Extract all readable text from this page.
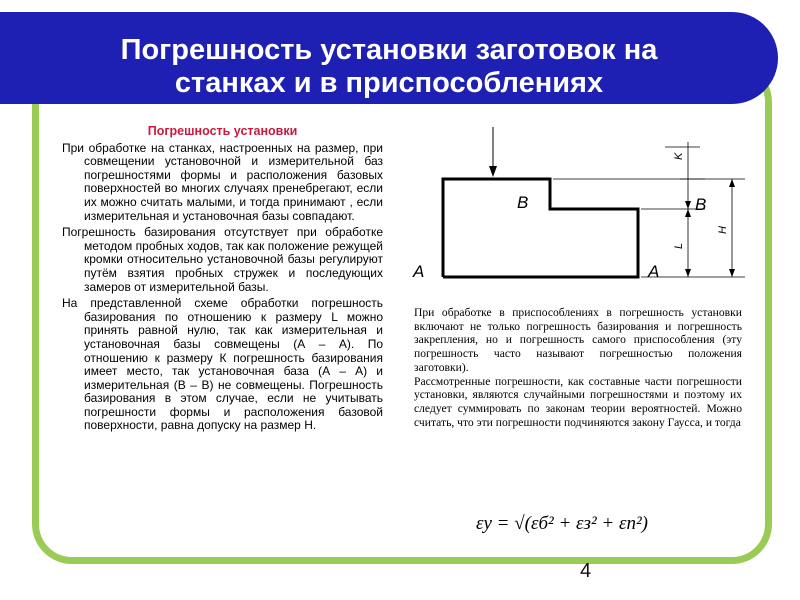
Погрешность установки заготовок на
станках и в приспособлениях
Погрешность установки

При обработке на станках, настроенных на размер, при совмещении установочной и измерительной баз погрешностями формы и расположения базовых поверхностей во многих случаях пренебрегают, если их можно считать малыми, и тогда принимают , если измерительная и установочная базы совпадают.

Погрешность базирования отсутствует при обработке методом пробных ходов, так как положение режущей кромки относительно установочной базы регулируют путём взятия пробных стружек и последующих замеров от измерительной базы.

На представленной схеме обработки погрешность базирования по отношению к размеру L можно принять равной нулю, так как измерительная и установочная базы совмещены (А – А). По отношению к размеру К погрешность базирования имеет место, так установочная база (А – А) и измерительная (В – В) не совмещены. Погрешность базирования в этом случае, если не учитывать погрешности формы и расположения базовой поверхности, равна допуску на размер Н.

B	B
A	A
K
L
H

При обработке в приспособлениях в погрешность установки включают не только погрешность базирования и погрешность закрепления, но и погрешность самого приспособления (эту погрешность часто называют погрешностью положения заготовки).

Рассмотренные погрешности, как составные части погрешности установки, являются случайными погрешностями и поэтому их следует суммировать по законам теории вероятностей. Можно считать, что эти погрешности подчиняются закону Гаусса, и тогда

εу = √(εб² + εз² + εп²)
4
